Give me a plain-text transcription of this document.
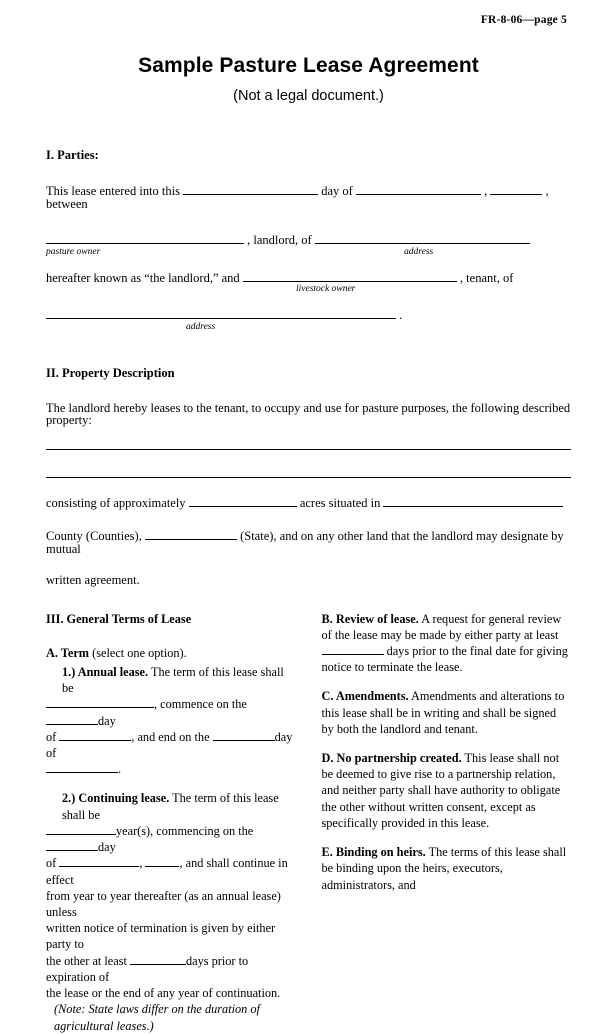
FR-8-06—page 5
Sample Pasture Lease Agreement
(Not a legal document.)
I. Parties:
This lease entered into this	day of	,	, between
, landlord, of
pasture owner	address
hereafter known as “the landlord,” and	, tenant, of
livestock owner
.
address
II. Property Description
The landlord hereby leases to the tenant, to occupy and use for pasture purposes, the following described property:
consisting of approximately	acres situated in
County (Counties),	(State), and on any other land that the landlord may designate by mutual
written agreement.

III. General Terms of Lease

A. Term (select one option).

1.) Annual lease. The term of this lease shall be

, commence on the day

of	, and end on the	day of

.

2.) Continuing lease. The term of this lease shall be

year(s), commencing on the day

of	,	, and shall continue in effect

from year to year thereafter (as an annual lease) unless

written notice of termination is given by either party to

the other at least	days prior to expiration of

the lease or the end of any year of continuation.

(Note: State laws differ on the duration of agricultural leases.)

B. Review of lease. A request for general review of the lease may be made by either party at least  days prior to the final date for giving notice to terminate the lease.

C. Amendments. Amendments and alterations to this lease shall be in writing and shall be signed by both the landlord and tenant.

D. No partnership created. This lease shall not be deemed to give rise to a partnership relation, and neither party shall have authority to obligate the other without written consent, except as specifically provided in this lease.

E. Binding on heirs. The terms of this lease shall be binding upon the heirs, executors, administrators, and
